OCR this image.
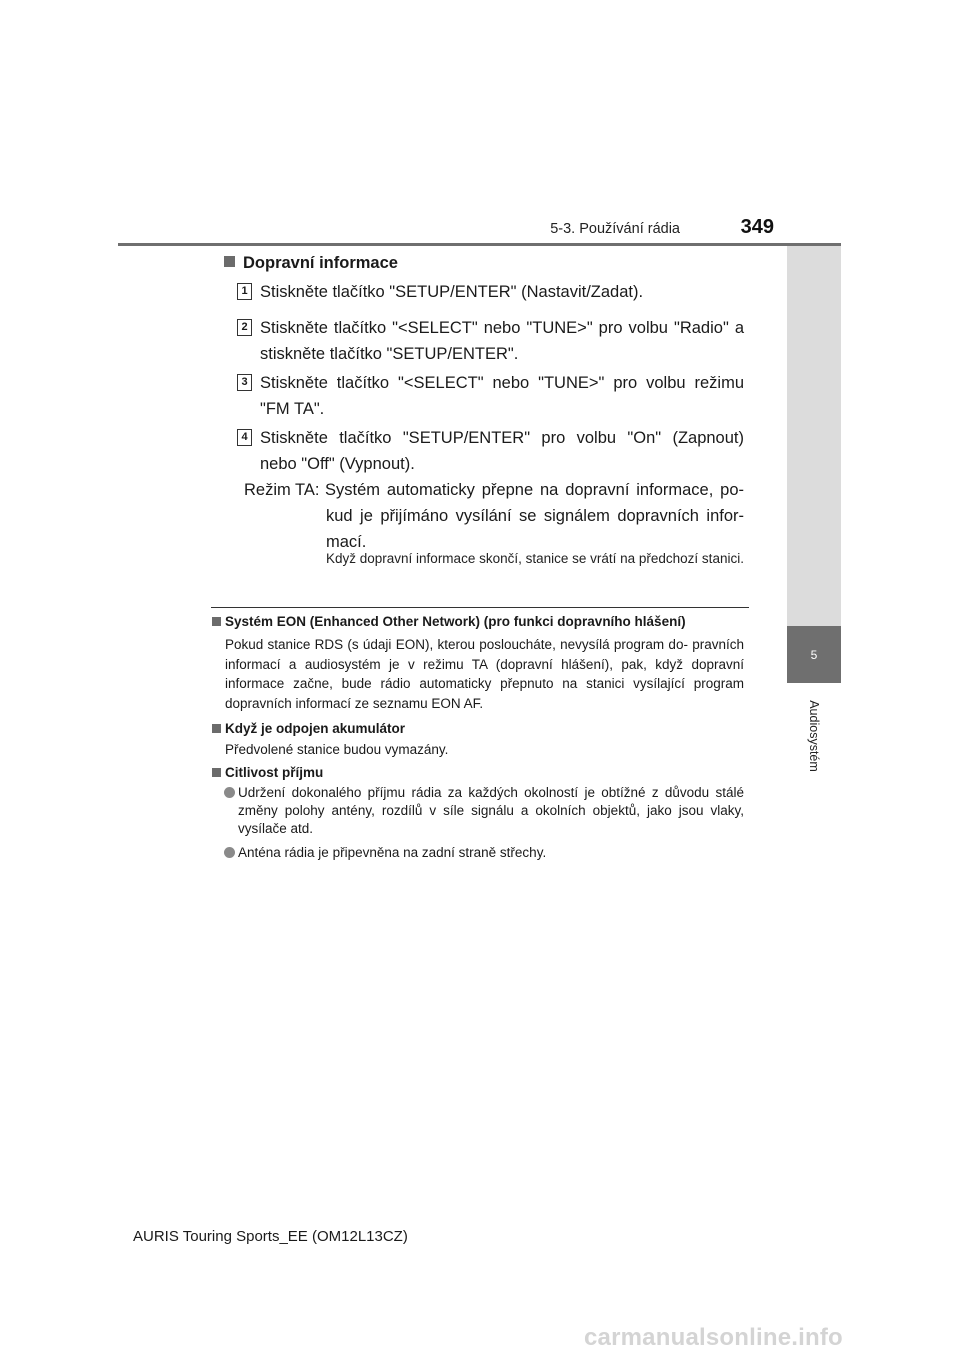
5-3. Používání rádia	349
5
Audiosystém
Dopravní informace
1 Stiskněte tlačítko "SETUP/ENTER" (Nastavit/Zadat).
2 Stiskněte tlačítko "<SELECT" nebo "TUNE>" pro volbu "Radio" a stiskněte tlačítko "SETUP/ENTER".
3 Stiskněte tlačítko "<SELECT" nebo "TUNE>" pro volbu režimu "FM TA".
4 Stiskněte tlačítko "SETUP/ENTER" pro volbu "On" (Zapnout) nebo "Off" (Vypnout).
Režim TA: Systém automaticky přepne na dopravní informace, po- kud je přijímáno vysílání se signálem dopravních infor- mací.
Když dopravní informace skončí, stanice se vrátí na předchozí stanici.
Systém EON (Enhanced Other Network) (pro funkci dopravního hlášení)
Pokud stanice RDS (s údaji EON), kterou posloucháte, nevysílá program do- pravních informací a audiosystém je v režimu TA (dopravní hlášení), pak, když dopravní informace začne, bude rádio automaticky přepnuto na stanici vysílající program dopravních informací ze seznamu EON AF.
Když je odpojen akumulátor
Předvolené stanice budou vymazány.
Citlivost příjmu
Udržení dokonalého příjmu rádia za každých okolností je obtížné z důvodu stálé změny polohy antény, rozdílů v síle signálu a okolních objektů, jako jsou vlaky, vysílače atd.
Anténa rádia je připevněna na zadní straně střechy.
AURIS Touring Sports_EE (OM12L13CZ)
carmanualsonline.info
